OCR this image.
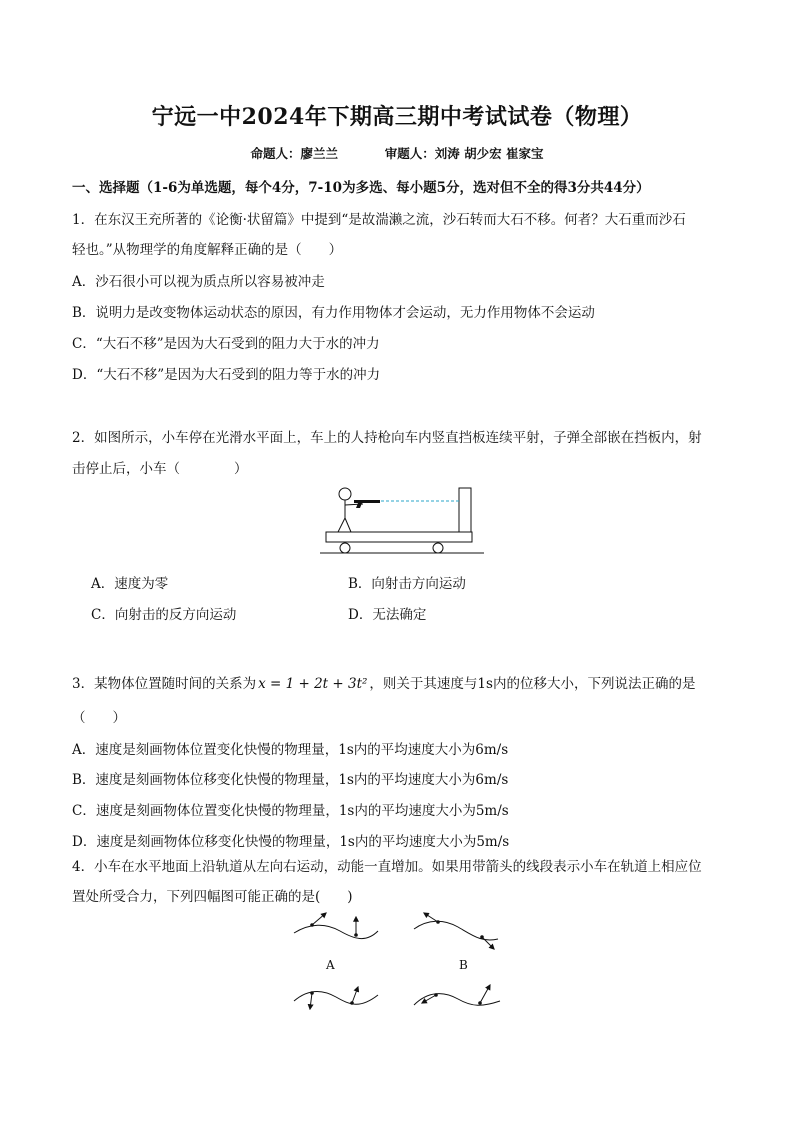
宁远一中2024年下期高三期中考试试卷（物理）
命题人：廖兰兰	审题人：刘涛 胡少宏 崔家宝
一、选择题（1-6为单选题，每个4分，7-10为多选、每小题5分，选对但不全的得3分共44分）
1．在东汉王充所著的《论衡·状留篇》中提到“是故湍濑之流，沙石转而大石不移。何者？大石重而沙石
轻也。”从物理学的角度解释正确的是（　　）
A．沙石很小可以视为质点所以容易被冲走
B．说明力是改变物体运动状态的原因，有力作用物体才会运动，无力作用物体不会运动
C．“大石不移”是因为大石受到的阻力大于水的冲力
D．“大石不移”是因为大石受到的阻力等于水的冲力
2．如图所示，小车停在光滑水平面上，车上的人持枪向车内竖直挡板连续平射，子弹全部嵌在挡板内，射
击停止后，小车（　　　　）
A．速度为零	B．向射击方向运动
C．向射击的反方向运动	D．无法确定
3．某物体位置随时间的关系为 x = 1 + 2t + 3t² ，则关于其速度与1s内的位移大小，下列说法正确的是
（　　）
A．速度是刻画物体位置变化快慢的物理量，1s内的平均速度大小为6m/s
B．速度是刻画物体位移变化快慢的物理量，1s内的平均速度大小为6m/s
C．速度是刻画物体位置变化快慢的物理量，1s内的平均速度大小为5m/s
D．速度是刻画物体位移变化快慢的物理量，1s内的平均速度大小为5m/s
4．小车在水平地面上沿轨道从左向右运动，动能一直增加。如果用带箭头的线段表示小车在轨道上相应位
置处所受合力，下列四幅图可能正确的是(　　)
A	B
